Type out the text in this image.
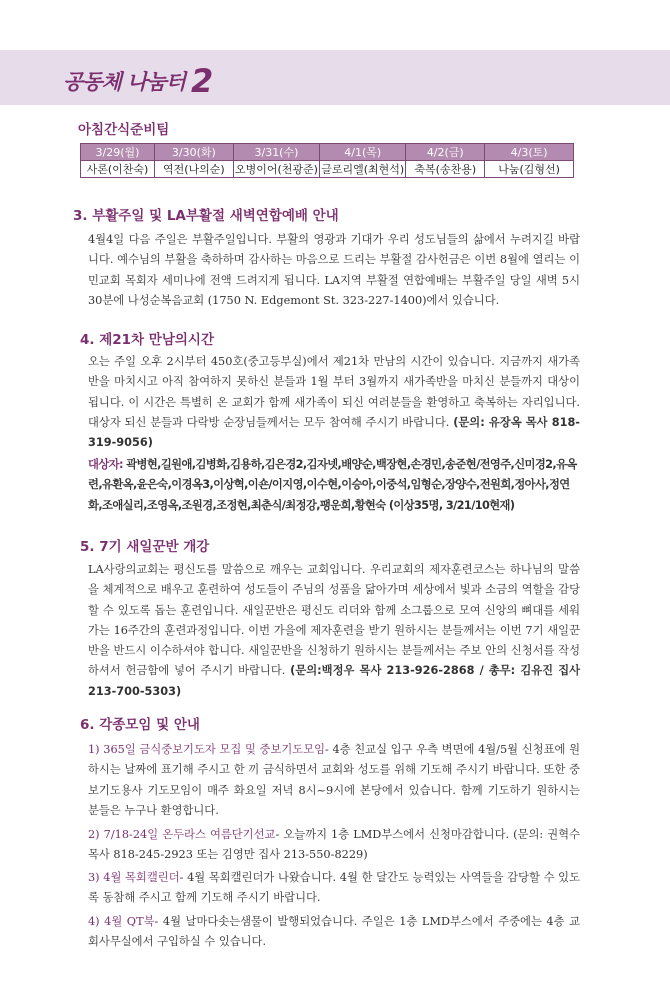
공동체 나눔터 2
아침간식준비팀
3/29(월)	3/30(화)	3/31(수)	4/1(목)	4/2(금)	4/3(토)
사론(이찬숙)	역전(나의순)	오병이어(천광준)	글로리엘(최현석)	축복(송찬용)	나눔(김형선)
3. 부활주일 및 LA부활절 새벽연합예배 안내
4월4일 다음 주일은 부활주일입니다. 부활의 영광과 기대가 우리 성도님들의 삶에서 누려지길 바랍니다. 예수님의 부활을 축하하며 감사하는 마음으로 드리는 부활절 감사헌금은 이번 8월에 열리는 이민교회 목회자 세미나에 전액 드려지게 됩니다. LA지역 부활절 연합예배는 부활주일 당일 새벽 5시 30분에 나성순복음교회 (1750 N. Edgemont St. 323-227-1400)에서 있습니다.
4. 제21차 만남의시간
오는 주일 오후 2시부터 450호(중고등부실)에서 제21차 만남의 시간이 있습니다. 지금까지 새가족반을 마치시고 아직 참여하지 못하신 분들과 1월 부터 3월까지 새가족반을 마치신 분들까지 대상이 됩니다. 이 시간은 특별히 온 교회가 함께 새가족이 되신 여러분들을 환영하고 축복하는 자리입니다. 대상자 되신 분들과 다락방 순장님들께서는 모두 참여해 주시기 바랍니다. (문의: 유장옥 목사 818-319-9056)
대상자: 곽병현,길원애,김병화,김용하,김은경2,김자넷,배양순,백장현,손경민,송준현/전영주,신미경2,유옥련,유환옥,윤은숙,이경옥3,이상혁,이숀/이지영,이수현,이승아,이중석,임형순,장양수,전원희,정아사,정연화,조애실리,조영옥,조원경,조정현,최춘식/최정강,팽운희,황현숙 (이상35명, 3/21/10현재)
5. 7기 새일꾼반 개강
LA사랑의교회는 평신도를 말씀으로 깨우는 교회입니다. 우리교회의 제자훈련코스는 하나님의 말씀을 체계적으로 배우고 훈련하여 성도들이 주님의 성품을 닮아가며 세상에서 빛과 소금의 역할을 감당할 수 있도록 돕는 훈련입니다. 새일꾼반은 평신도 리더와 함께 소그룹으로 모여 신앙의 뼈대를 세워가는 16주간의 훈련과정입니다. 이번 가을에 제자훈련을 받기 원하시는 분들께서는 이번 7기 새일꾼반을 반드시 이수하셔야 합니다. 새일꾼반을 신청하기 원하시는 분들께서는 주보 안의 신청서를 작성하셔서 헌금함에 넣어 주시기 바랍니다. (문의:백정우 목사 213-926-2868 / 총무: 김유진 집사 213-700-5303)
6. 각종모임 및 안내
1) 365일 금식중보기도자 모집 및 중보기도모임- 4층 친교실 입구 우측 벽면에 4월/5월 신청표에 원하시는 날짜에 표기해 주시고 한 끼 금식하면서 교회와 성도를 위해 기도해 주시기 바랍니다. 또한 중보기도용사 기도모임이 매주 화요일 저녁 8시~9시에 본당에서 있습니다. 함께 기도하기 원하시는 분들은 누구나 환영합니다.
2) 7/18-24일 온두라스 여름단기선교- 오늘까지 1층 LMD부스에서 신청마감합니다. (문의: 권혁수 목사 818-245-2923 또는 김영만 집사 213-550-8229)
3) 4월 목회캘린더- 4월 목회캘린더가 나왔습니다. 4월 한 달간도 능력있는 사역들을 감당할 수 있도록 동참해 주시고 함께 기도해 주시기 바랍니다.
4) 4월 QT북- 4월 날마다솟는샘물이 발행되었습니다. 주일은 1층 LMD부스에서 주중에는 4층 교회사무실에서 구입하실 수 있습니다.
